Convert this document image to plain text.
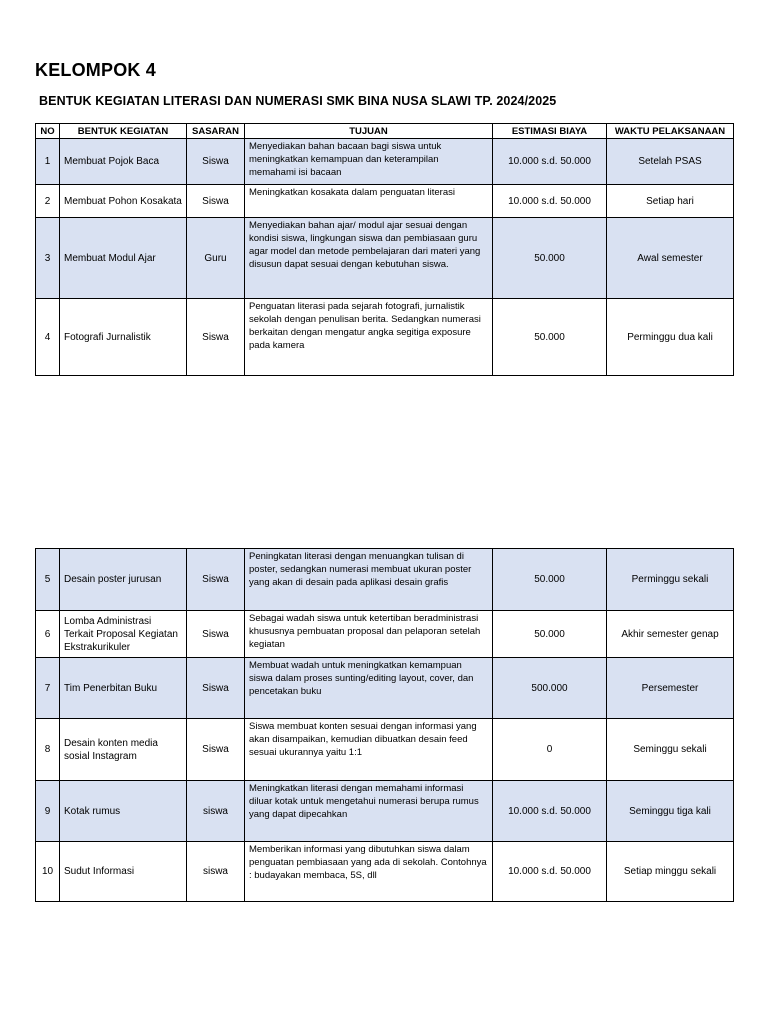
KELOMPOK 4
BENTUK KEGIATAN LITERASI DAN NUMERASI SMK BINA NUSA SLAWI TP. 2024/2025
NO	BENTUK KEGIATAN	SASARAN	TUJUAN	ESTIMASI BIAYA	WAKTU PELAKSANAAN
1	Membuat Pojok Baca	Siswa	Menyediakan bahan bacaan bagi siswa untuk meningkatkan kemampuan dan keterampilan memahami isi bacaan	10.000 s.d. 50.000	Setelah PSAS
2	Membuat Pohon Kosakata	Siswa	Meningkatkan kosakata dalam penguatan literasi	10.000 s.d. 50.000	Setiap hari
3	Membuat Modul Ajar	Guru	Menyediakan bahan ajar/ modul ajar sesuai dengan kondisi siswa, lingkungan siswa dan pembiasaan guru agar model dan metode pembelajaran dari materi yang disusun dapat sesuai dengan kebutuhan siswa.	50.000	Awal semester
4	Fotografi Jurnalistik	Siswa	Penguatan literasi pada sejarah fotografi, jurnalistik sekolah dengan penulisan berita. Sedangkan numerasi berkaitan dengan mengatur angka segitiga exposure pada kamera	50.000	Perminggu dua kali
5	Desain poster jurusan	Siswa	Peningkatan literasi dengan menuangkan tulisan di poster, sedangkan numerasi membuat ukuran poster yang akan di desain pada aplikasi desain grafis	50.000	Perminggu sekali
6	Lomba Administrasi Terkait Proposal Kegiatan Ekstrakurikuler	Siswa	Sebagai wadah siswa untuk ketertiban beradministrasi khususnya pembuatan proposal dan pelaporan setelah kegiatan	50.000	Akhir semester genap
7	Tim Penerbitan Buku	Siswa	Membuat wadah untuk meningkatkan kemampuan siswa dalam proses sunting/editing layout, cover, dan pencetakan buku	500.000	Persemester
8	Desain konten media sosial Instagram	Siswa	Siswa membuat konten sesuai dengan informasi yang akan disampaikan, kemudian dibuatkan desain feed sesuai ukurannya yaitu 1:1	0	Seminggu sekali
9	Kotak rumus	siswa	Meningkatkan literasi dengan memahami informasi diluar kotak untuk mengetahui numerasi berupa rumus yang dapat dipecahkan	10.000 s.d. 50.000	Seminggu tiga kali
10	Sudut Informasi	siswa	Memberikan informasi yang dibutuhkan siswa dalam penguatan pembiasaan yang ada di sekolah. Contohnya : budayakan membaca, 5S, dll	10.000 s.d. 50.000	Setiap minggu sekali
